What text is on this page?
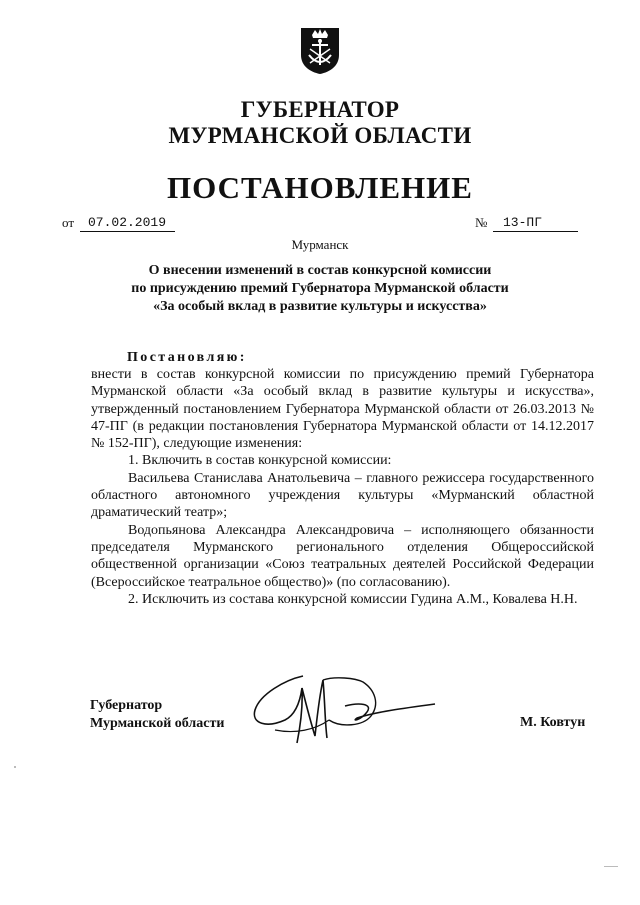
ГУБЕРНАТОР
МУРМАНСКОЙ ОБЛАСТИ
ПОСТАНОВЛЕНИЕ
от	07.02.2019	№	13-ПГ
Мурманск
О внесении изменений в состав конкурсной комиссии
по присуждению премий Губернатора Мурманской области
«За особый вклад в развитие культуры и искусства»
Постановляю:

внести в состав конкурсной комиссии по присуждению премий Губернатора Мурманской области «За особый вклад в развитие культуры и искусства», утвержденный постановлением Губернатора Мурманской области от 26.03.2013 № 47-ПГ (в редакции постановления Губернатора Мурманской области от 14.12.2017 № 152-ПГ), следующие изменения:

1. Включить в состав конкурсной комиссии:

Васильева Станислава Анатольевича – главного режиссера государственного областного автономного учреждения культуры «Мурманский областной драматический театр»;

Водопьянова Александра Александровича – исполняющего обязанности председателя Мурманского регионального отделения Общероссийской общественной организации «Союз театральных деятелей Российской Федерации (Всероссийское театральное общество)» (по согласованию).

2. Исключить из состава конкурсной комиссии Гудина А.М., Ковалева Н.Н.

Губернатор
Мурманской области	М. Ковтун
